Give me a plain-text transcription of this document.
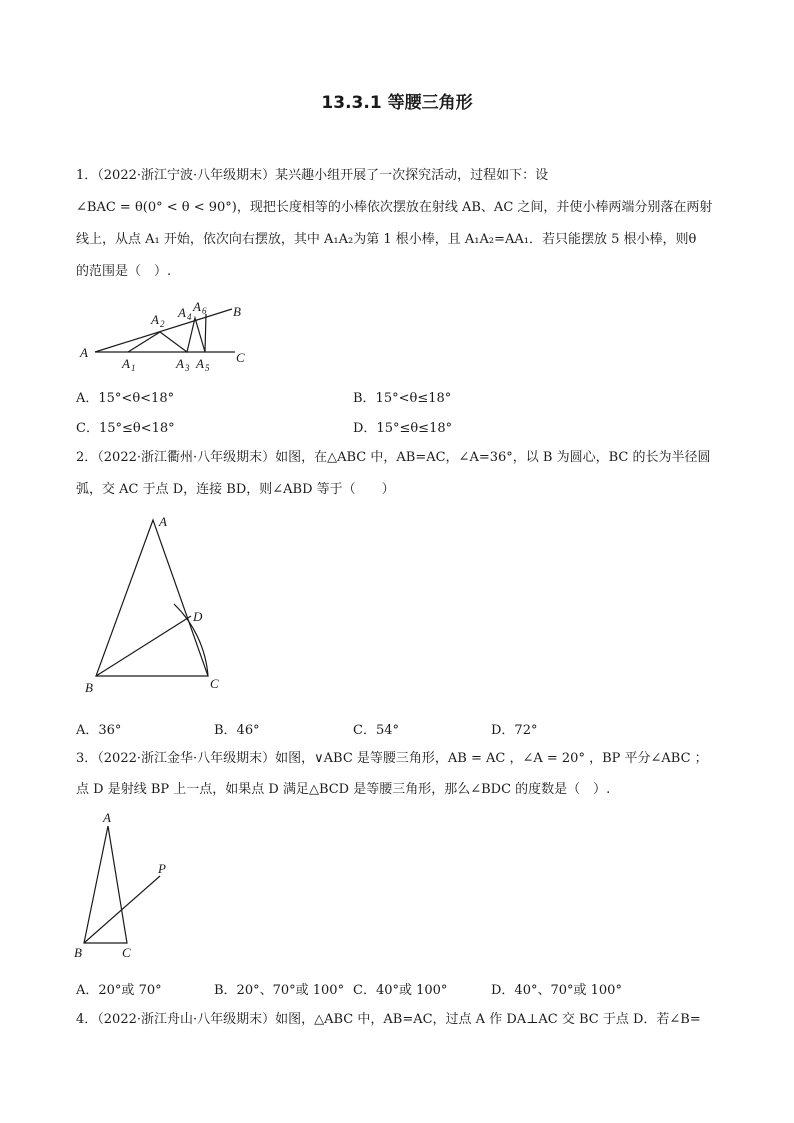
13.3.1 等腰三角形
1．（2022·浙江宁波·八年级期末）某兴趣小组开展了一次探究活动，过程如下：设
∠BAC = θ(0° < θ < 90°)，现把长度相等的小棒依次摆放在射线 AB、AC 之间，并使小棒两端分别落在两射
线上，从点 A₁ 开始，依次向右摆放，其中 A₁A₂为第 1 根小棒，且 A₁A₂=AA₁．若只能摆放 5 根小棒，则θ
的范围是（　）.
A
B
C
A 1
A 2
A 3
A 4
A 5
A 6
A．15°<θ<18°	B．15°<θ≤18°
C．15°≤θ<18°	D．15°≤θ≤18°
2．（2022·浙江衢州·八年级期末）如图，在△ABC 中，AB=AC，∠A=36°，以 B 为圆心，BC 的长为半径圆
弧，交 AC 于点 D，连接 BD，则∠ABD 等于（　　）
A
B	C
D
A．36°	B．46°	C．54°	D．72°
3．（2022·浙江金华·八年级期末）如图，∨ABC 是等腰三角形，AB = AC ，∠A = 20° ，BP 平分∠ABC ；
点 D 是射线 BP 上一点，如果点 D 满足△BCD 是等腰三角形，那么∠BDC 的度数是（　）.
A
B	C
P
A．20°或 70°	B．20°、70°或 100° C．40°或 100°	D．40°、70°或 100°
4．（2022·浙江舟山·八年级期末）如图，△ABC 中，AB=AC，过点 A 作 DA⊥AC 交 BC 于点 D．若∠B=
